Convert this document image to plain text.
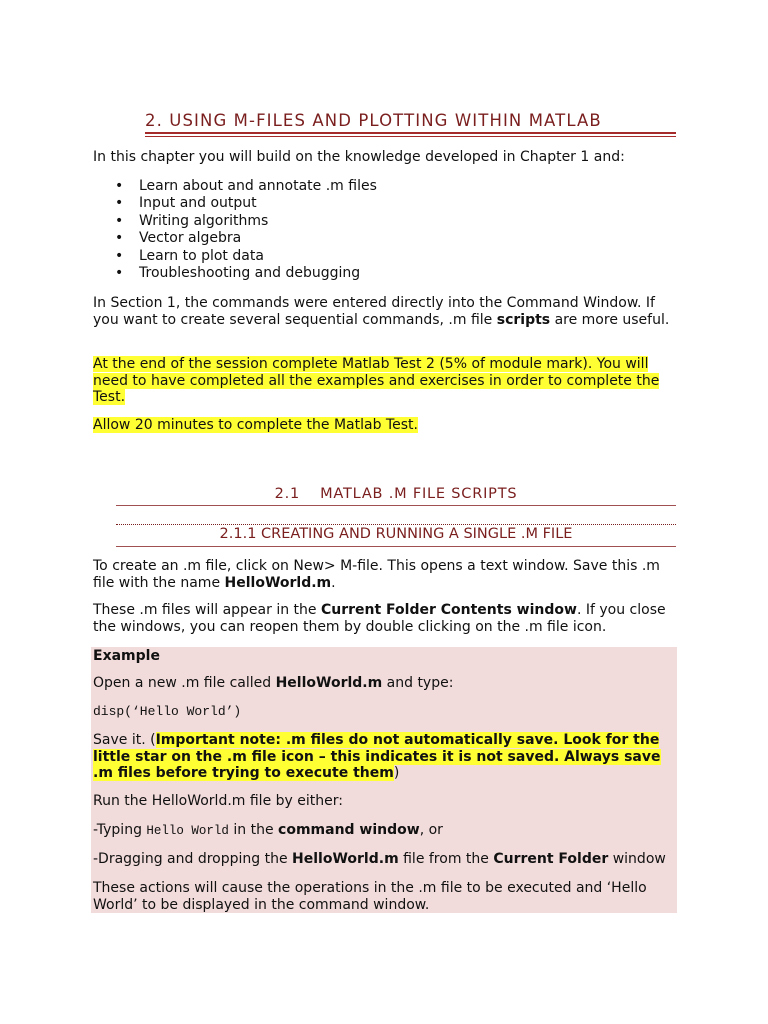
2. USING M-FILES AND PLOTTING WITHIN MATLAB

In this chapter you will build on the knowledge developed in Chapter 1 and:

• Learn about and annotate .m files
• Input and output
• Writing algorithms
• Vector algebra
• Learn to plot data
• Troubleshooting and debugging

In Section 1, the commands were entered directly into the Command Window. If you want to create several sequential commands, .m file scripts are more useful.

At the end of the session complete Matlab Test 2 (5% of module mark). You will need to have completed all the examples and exercises in order to complete the Test.

Allow 20 minutes to complete the Matlab Test.

2.1 MATLAB .M FILE SCRIPTS
2.1.1 CREATING AND RUNNING A SINGLE .M FILE

To create an .m file, click on New> M-file. This opens a text window. Save this .m file with the name HelloWorld.m.

These .m files will appear in the Current Folder Contents window. If you close the windows, you can reopen them by double clicking on the .m file icon.

Example

Open a new .m file called HelloWorld.m and type:

disp(‘Hello World’)

Save it. (Important note: .m files do not automatically save. Look for the little star on the .m file icon – this indicates it is not saved. Always save .m files before trying to execute them)

Run the HelloWorld.m file by either:

-Typing Hello World in the command window, or

-Dragging and dropping the HelloWorld.m file from the Current Folder window

These actions will cause the operations in the .m file to be executed and ‘Hello World’ to be displayed in the command window.
